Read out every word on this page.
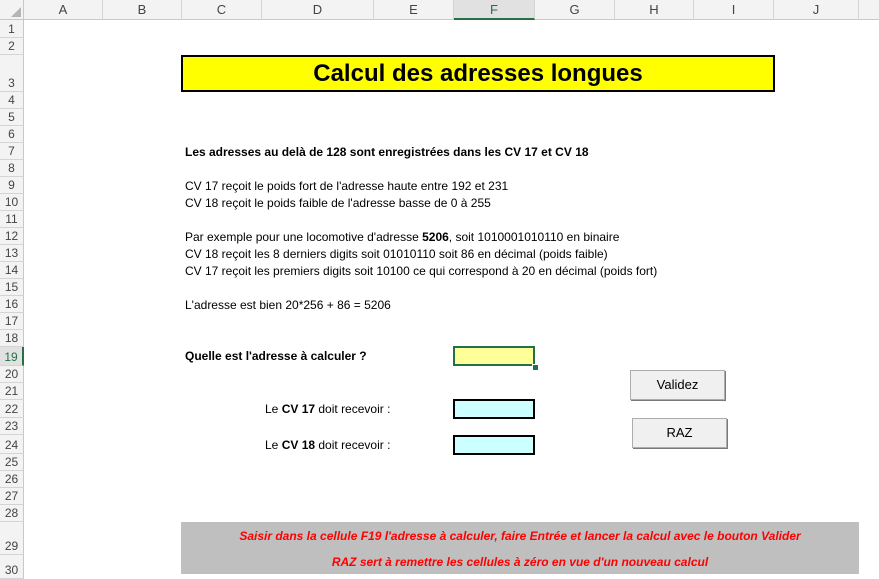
A	B	C	D	E	F	G	H	I	J
1
2
3
4
5
6
7
8
9
10
11
12
13
14
15
16
17
18
19
20
21
22
23
24
25
26
27
28
29
30
Calcul des adresses longues
Les adresses au delà de 128 sont enregistrées dans les CV 17 et CV 18
CV 17 reçoit le poids fort de l'adresse haute entre 192 et 231
CV 18 reçoit le poids faible de l'adresse basse de 0 à 255
Par exemple pour une locomotive d'adresse 5206, soit 1010001010110 en binaire
CV 18 reçoit les 8 derniers digits soit 01010110 soit 86 en décimal (poids faible)
CV 17 reçoit les premiers digits soit 10100 ce qui correspond à 20 en décimal (poids fort)
L'adresse est bien 20*256 + 86 = 5206
Quelle est l'adresse à calculer ?
Le CV 17 doit recevoir :
Le CV 18 doit recevoir :
Validez
RAZ
Saisir dans la cellule F19 l'adresse à calculer, faire Entrée et lancer la calcul avec le bouton Valider
RAZ sert à remettre les cellules à zéro en vue d'un nouveau calcul
